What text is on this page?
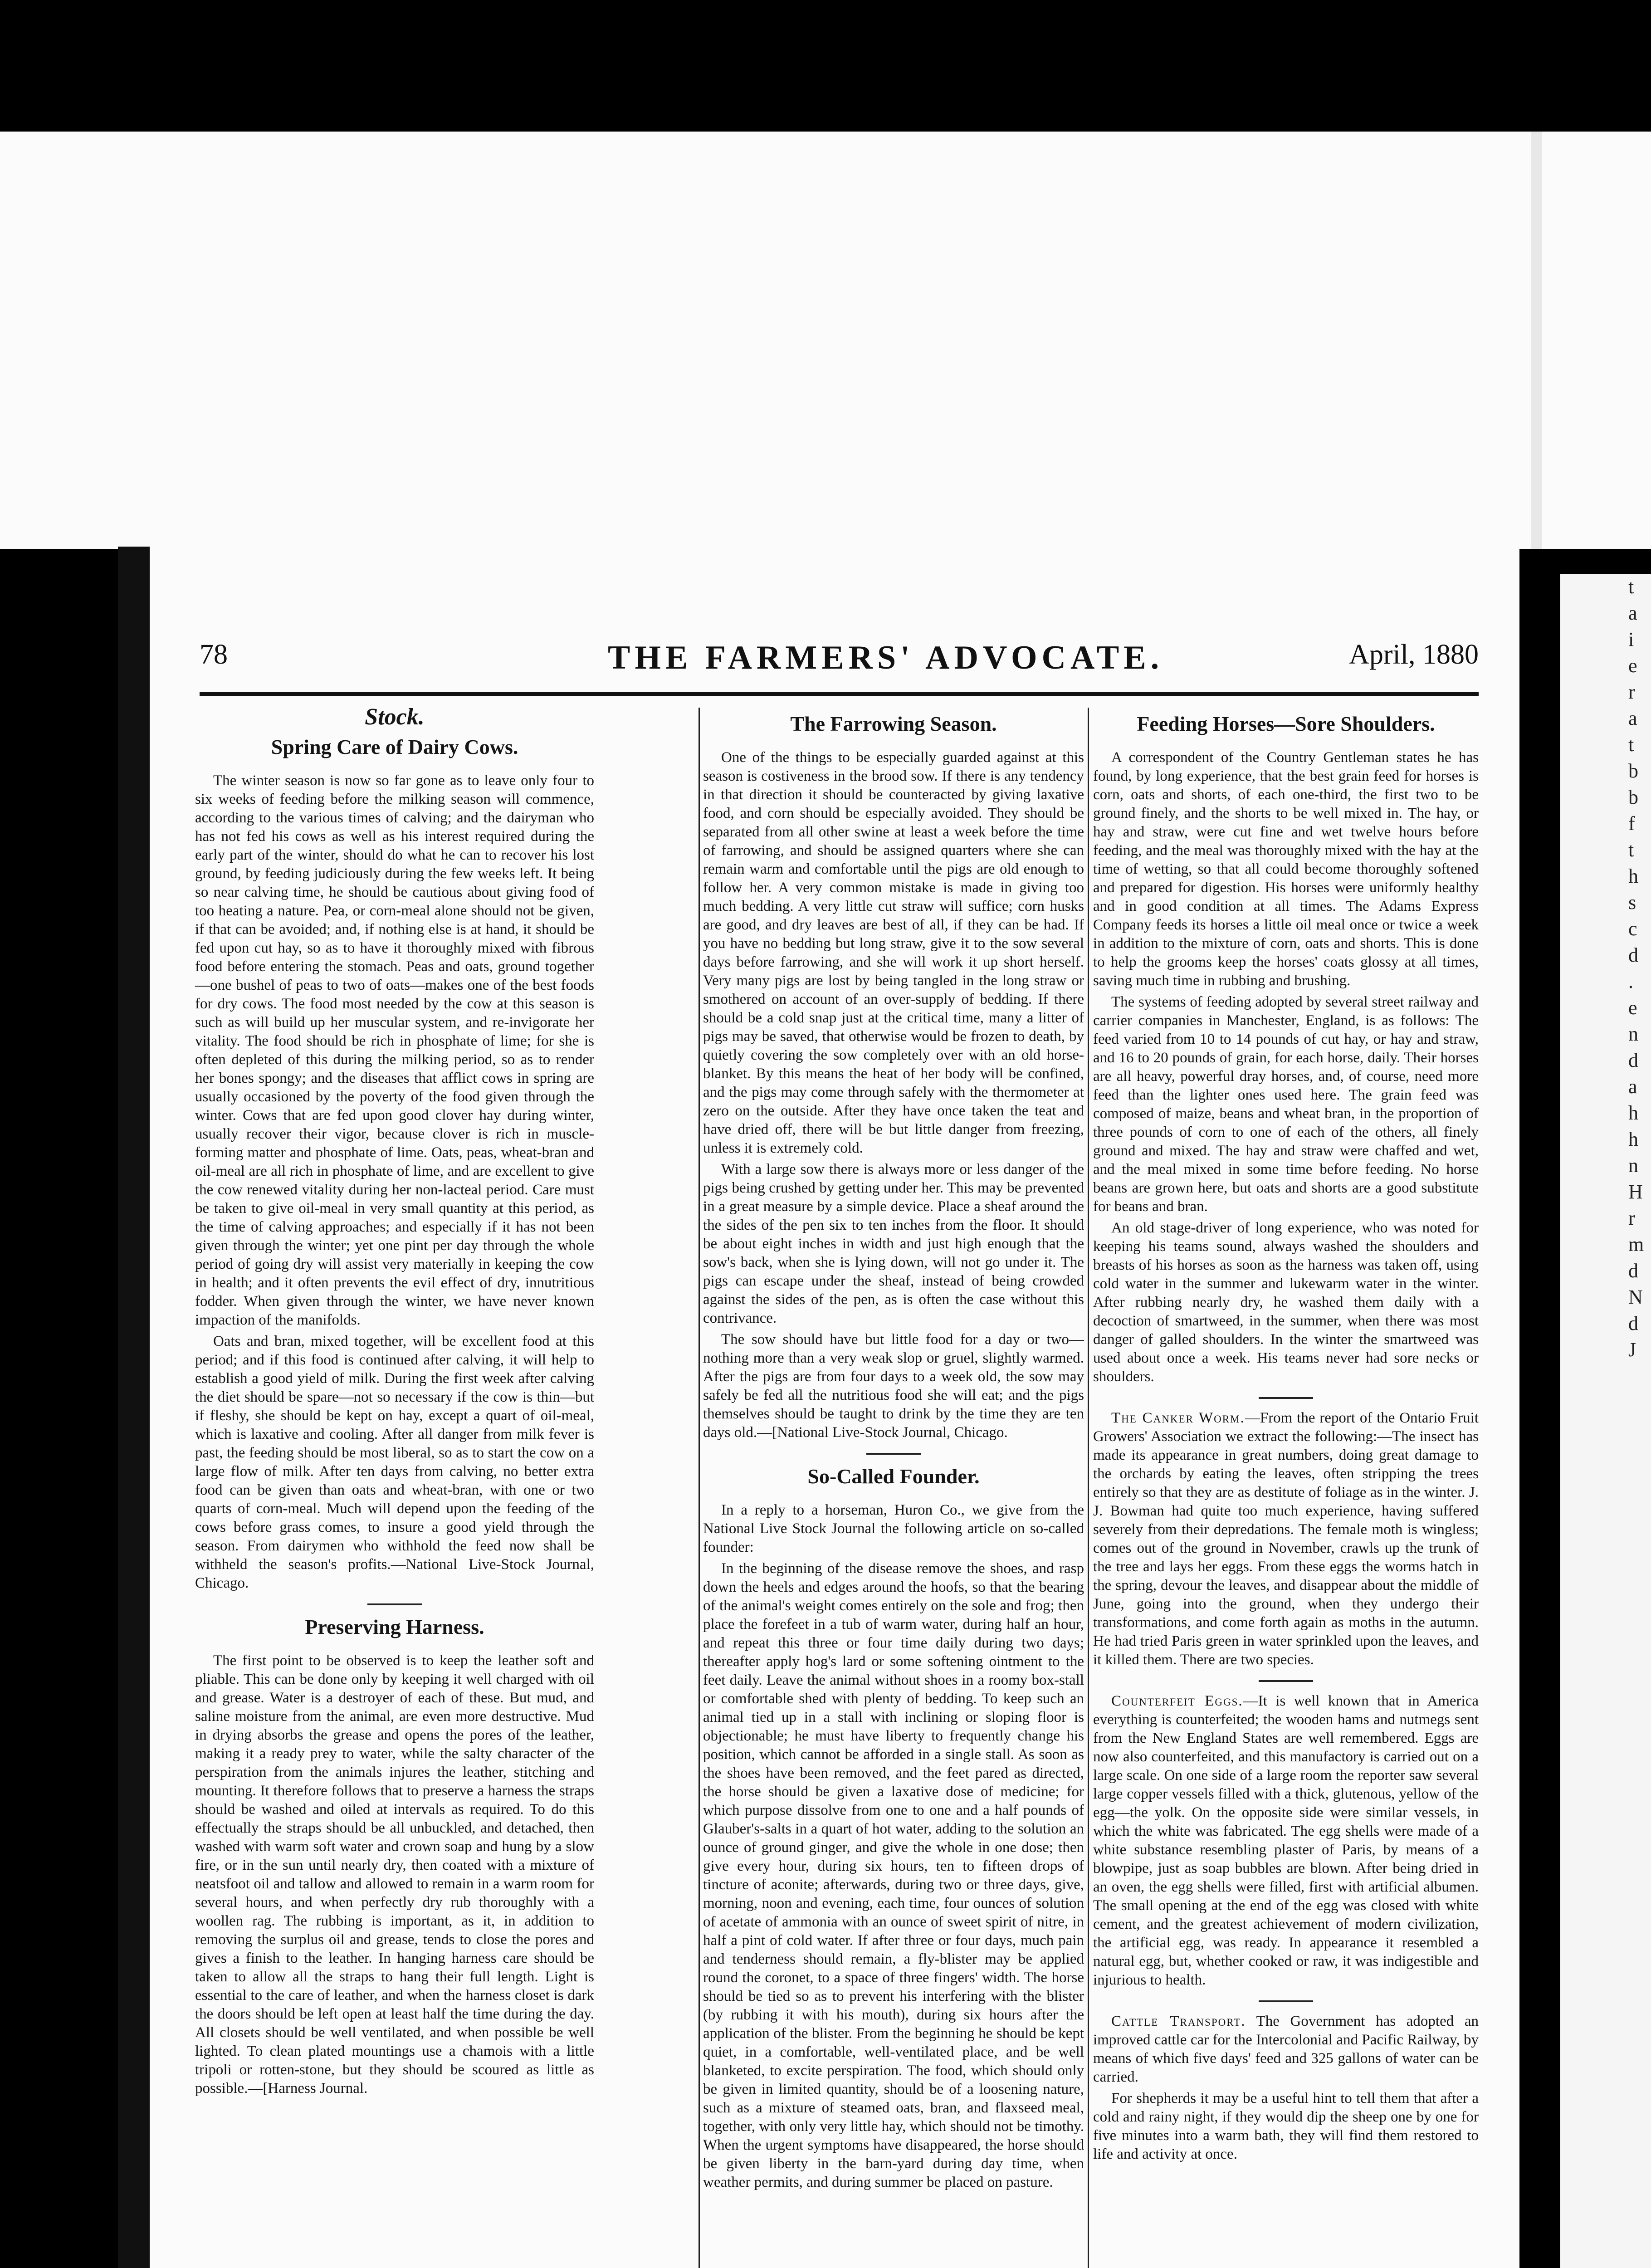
t
a
i
e
r
a
t
b
b
f
t
h
s
c
d
.
e
n
d
a
h
h
n
H
r
m
d
N
d
J
78	THE FARMERS' ADVOCATE.	April, 1880
Stock.
Spring Care of Dairy Cows.

The winter season is now so far gone as to leave only four to six weeks of feeding before the milking season will commence, according to the various times of calving; and the dairyman who has not fed his cows as well as his interest required during the early part of the winter, should do what he can to recover his lost ground, by feeding judiciously during the few weeks left. It being so near calving time, he should be cautious about giving food of too heating a nature. Pea, or corn-meal alone should not be given, if that can be avoided; and, if nothing else is at hand, it should be fed upon cut hay, so as to have it thoroughly mixed with fibrous food before entering the stomach. Peas and oats, ground together—one bushel of peas to two of oats—makes one of the best foods for dry cows. The food most needed by the cow at this season is such as will build up her muscular system, and re-invigorate her vitality. The food should be rich in phosphate of lime; for she is often depleted of this during the milking period, so as to render her bones spongy; and the diseases that afflict cows in spring are usually occasioned by the poverty of the food given through the winter. Cows that are fed upon good clover hay during winter, usually recover their vigor, because clover is rich in muscle-forming matter and phosphate of lime. Oats, peas, wheat-bran and oil-meal are all rich in phosphate of lime, and are excellent to give the cow renewed vitality during her non-lacteal period. Care must be taken to give oil-meal in very small quantity at this period, as the time of calving approaches; and especially if it has not been given through the winter; yet one pint per day through the whole period of going dry will assist very materially in keeping the cow in health; and it often prevents the evil effect of dry, innutritious fodder. When given through the winter, we have never known impaction of the manifolds.

Oats and bran, mixed together, will be excellent food at this period; and if this food is continued after calving, it will help to establish a good yield of milk. During the first week after calving the diet should be spare—not so necessary if the cow is thin—but if fleshy, she should be kept on hay, except a quart of oil-meal, which is laxative and cooling. After all danger from milk fever is past, the feeding should be most liberal, so as to start the cow on a large flow of milk. After ten days from calving, no better extra food can be given than oats and wheat-bran, with one or two quarts of corn-meal. Much will depend upon the feeding of the cows before grass comes, to insure a good yield through the season. From dairymen who withhold the feed now shall be withheld the season's profits.—National Live-Stock Journal, Chicago.

Preserving Harness.

The first point to be observed is to keep the leather soft and pliable. This can be done only by keeping it well charged with oil and grease. Water is a destroyer of each of these. But mud, and saline moisture from the animal, are even more destructive. Mud in drying absorbs the grease and opens the pores of the leather, making it a ready prey to water, while the salty character of the perspiration from the animals injures the leather, stitching and mounting. It therefore follows that to preserve a harness the straps should be washed and oiled at intervals as required. To do this effectually the straps should be all unbuckled, and detached, then washed with warm soft water and crown soap and hung by a slow fire, or in the sun until nearly dry, then coated with a mixture of neatsfoot oil and tallow and allowed to remain in a warm room for several hours, and when perfectly dry rub thoroughly with a woollen rag. The rubbing is important, as it, in addition to removing the surplus oil and grease, tends to close the pores and gives a finish to the leather. In hanging harness care should be taken to allow all the straps to hang their full length. Light is essential to the care of leather, and when the harness closet is dark the doors should be left open at least half the time during the day. All closets should be well ventilated, and when possible be well lighted. To clean plated mountings use a chamois with a little tripoli or rotten-stone, but they should be scoured as little as possible.—[Harness Journal.

The Farrowing Season.

One of the things to be especially guarded against at this season is costiveness in the brood sow. If there is any tendency in that direction it should be counteracted by giving laxative food, and corn should be especially avoided. They should be separated from all other swine at least a week before the time of farrowing, and should be assigned quarters where she can remain warm and comfortable until the pigs are old enough to follow her. A very common mistake is made in giving too much bedding. A very little cut straw will suffice; corn husks are good, and dry leaves are best of all, if they can be had. If you have no bedding but long straw, give it to the sow several days before farrowing, and she will work it up short herself. Very many pigs are lost by being tangled in the long straw or smothered on account of an over-supply of bedding. If there should be a cold snap just at the critical time, many a litter of pigs may be saved, that otherwise would be frozen to death, by quietly covering the sow completely over with an old horse-blanket. By this means the heat of her body will be confined, and the pigs may come through safely with the thermometer at zero on the outside. After they have once taken the teat and have dried off, there will be but little danger from freezing, unless it is extremely cold.

With a large sow there is always more or less danger of the pigs being crushed by getting under her. This may be prevented in a great measure by a simple device. Place a sheaf around the the sides of the pen six to ten inches from the floor. It should be about eight inches in width and just high enough that the sow's back, when she is lying down, will not go under it. The pigs can escape under the sheaf, instead of being crowded against the sides of the pen, as is often the case without this contrivance.

The sow should have but little food for a day or two—nothing more than a very weak slop or gruel, slightly warmed. After the pigs are from four days to a week old, the sow may safely be fed all the nutritious food she will eat; and the pigs themselves should be taught to drink by the time they are ten days old.—[National Live-Stock Journal, Chicago.

So-Called Founder.

In a reply to a horseman, Huron Co., we give from the National Live Stock Journal the following article on so-called founder:

In the beginning of the disease remove the shoes, and rasp down the heels and edges around the hoofs, so that the bearing of the animal's weight comes entirely on the sole and frog; then place the forefeet in a tub of warm water, during half an hour, and repeat this three or four time daily during two days; thereafter apply hog's lard or some softening ointment to the feet daily. Leave the animal without shoes in a roomy box-stall or comfortable shed with plenty of bedding. To keep such an animal tied up in a stall with inclining or sloping floor is objectionable; he must have liberty to frequently change his position, which cannot be afforded in a single stall. As soon as the shoes have been removed, and the feet pared as directed, the horse should be given a laxative dose of medicine; for which purpose dissolve from one to one and a half pounds of Glauber's-salts in a quart of hot water, adding to the solution an ounce of ground ginger, and give the whole in one dose; then give every hour, during six hours, ten to fifteen drops of tincture of aconite; afterwards, during two or three days, give, morning, noon and evening, each time, four ounces of solution of acetate of ammonia with an ounce of sweet spirit of nitre, in half a pint of cold water. If after three or four days, much pain and tenderness should remain, a fly-blister may be applied round the coronet, to a space of three fingers' width. The horse should be tied so as to prevent his interfering with the blister (by rubbing it with his mouth), during six hours after the application of the blister. From the beginning he should be kept quiet, in a comfortable, well-ventilated place, and be well blanketed, to excite perspiration. The food, which should only be given in limited quantity, should be of a loosening nature, such as a mixture of steamed oats, bran, and flaxseed meal, together, with only very little hay, which should not be timothy. When the urgent symptoms have disappeared, the horse should be given liberty in the barn-yard during day time, when weather permits, and during summer be placed on pasture.

Feeding Horses—Sore Shoulders.

A correspondent of the Country Gentleman states he has found, by long experience, that the best grain feed for horses is corn, oats and shorts, of each one-third, the first two to be ground finely, and the shorts to be well mixed in. The hay, or hay and straw, were cut fine and wet twelve hours before feeding, and the meal was thoroughly mixed with the hay at the time of wetting, so that all could become thoroughly softened and prepared for digestion. His horses were uniformly healthy and in good condition at all times. The Adams Express Company feeds its horses a little oil meal once or twice a week in addition to the mixture of corn, oats and shorts. This is done to help the grooms keep the horses' coats glossy at all times, saving much time in rubbing and brushing.

The systems of feeding adopted by several street railway and carrier companies in Manchester, England, is as follows: The feed varied from 10 to 14 pounds of cut hay, or hay and straw, and 16 to 20 pounds of grain, for each horse, daily. Their horses are all heavy, powerful dray horses, and, of course, need more feed than the lighter ones used here. The grain feed was composed of maize, beans and wheat bran, in the proportion of three pounds of corn to one of each of the others, all finely ground and mixed. The hay and straw were chaffed and wet, and the meal mixed in some time before feeding. No horse beans are grown here, but oats and shorts are a good substitute for beans and bran.

An old stage-driver of long experience, who was noted for keeping his teams sound, always washed the shoulders and breasts of his horses as soon as the harness was taken off, using cold water in the summer and lukewarm water in the winter. After rubbing nearly dry, he washed them daily with a decoction of smartweed, in the summer, when there was most danger of galled shoulders. In the winter the smartweed was used about once a week. His teams never had sore necks or shoulders.

The Canker Worm.—From the report of the Ontario Fruit Growers' Association we extract the following:—The insect has made its appearance in great numbers, doing great damage to the orchards by eating the leaves, often stripping the trees entirely so that they are as destitute of foliage as in the winter. J. J. Bowman had quite too much experience, having suffered severely from their depredations. The female moth is wingless; comes out of the ground in November, crawls up the trunk of the tree and lays her eggs. From these eggs the worms hatch in the spring, devour the leaves, and disappear about the middle of June, going into the ground, when they undergo their transformations, and come forth again as moths in the autumn. He had tried Paris green in water sprinkled upon the leaves, and it killed them. There are two species.

Counterfeit Eggs.—It is well known that in America everything is counterfeited; the wooden hams and nutmegs sent from the New England States are well remembered. Eggs are now also counterfeited, and this manufactory is carried out on a large scale. On one side of a large room the reporter saw several large copper vessels filled with a thick, glutenous, yellow of the egg—the yolk. On the opposite side were similar vessels, in which the white was fabricated. The egg shells were made of a white substance resembling plaster of Paris, by means of a blowpipe, just as soap bubbles are blown. After being dried in an oven, the egg shells were filled, first with artificial albumen. The small opening at the end of the egg was closed with white cement, and the greatest achievement of modern civilization, the artificial egg, was ready. In appearance it resembled a natural egg, but, whether cooked or raw, it was indigestible and injurious to health.

Cattle Transport. The Government has adopted an improved cattle car for the Intercolonial and Pacific Railway, by means of which five days' feed and 325 gallons of water can be carried.

For shepherds it may be a useful hint to tell them that after a cold and rainy night, if they would dip the sheep one by one for five minutes into a warm bath, they will find them restored to life and activity at once.
